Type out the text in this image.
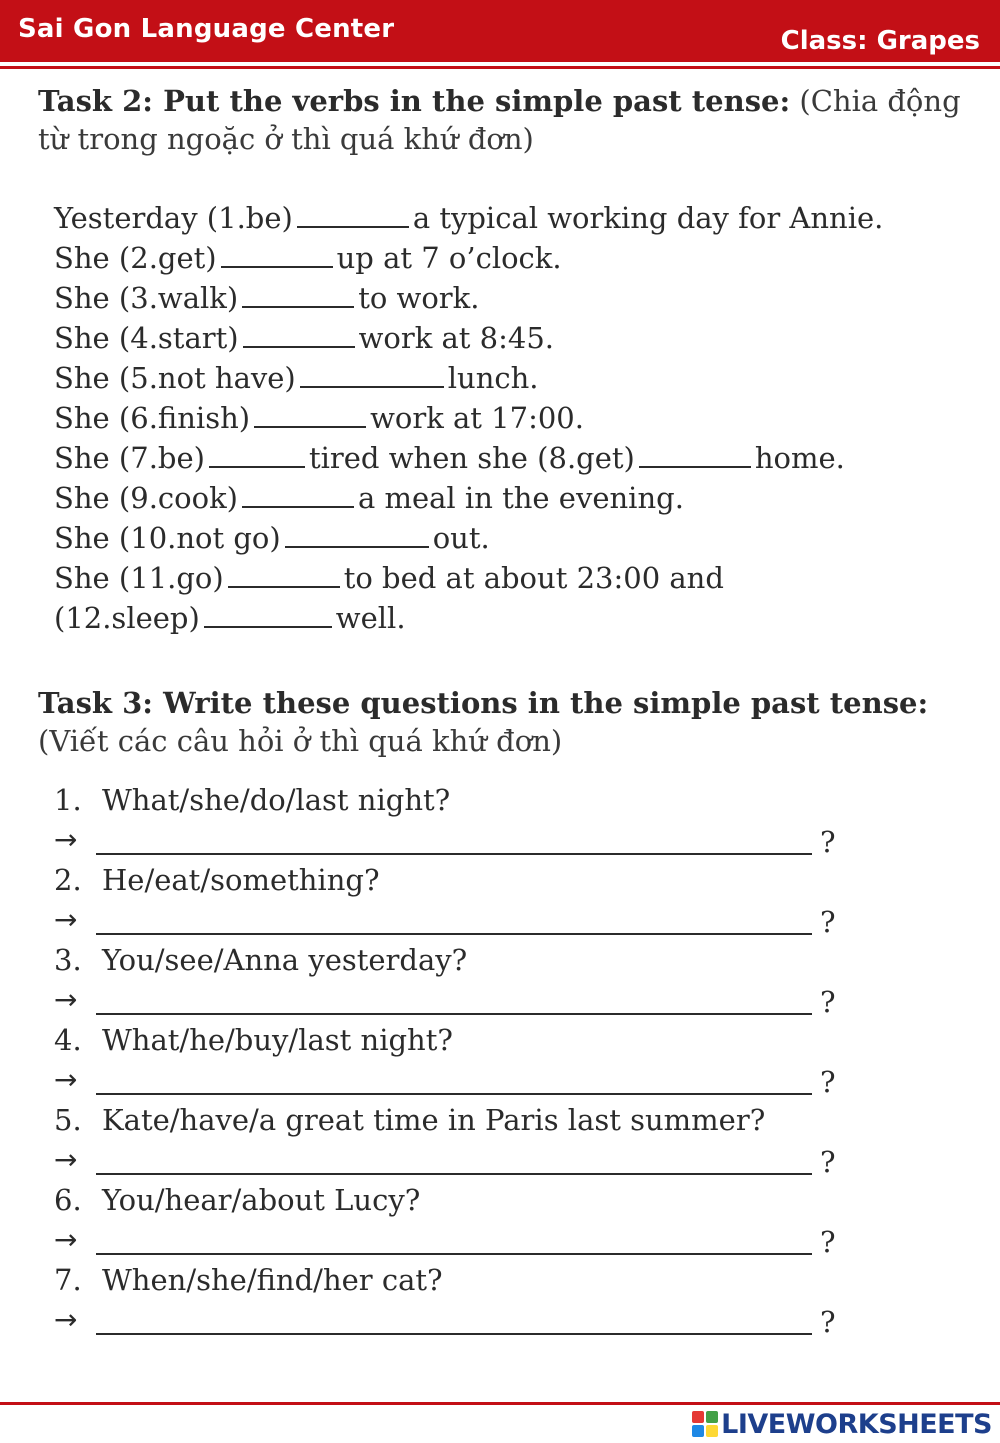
Sai Gon Language Center	Class: Grapes
Task 2: Put the verbs in the simple past tense: (Chia động từ trong ngoặc ở thì quá khứ đơn)
Yesterday (1.be)	a typical working day for Annie.
She (2.get)	up at 7 o’clock.
She (3.walk)	to work.
She (4.start)	work at 8:45.
She (5.not have)	lunch.
She (6.finish)	work at 17:00.
She (7.be)	tired when she (8.get)	home.
She (9.cook)	a meal in the evening.
She (10.not go)	out.
She (11.go)	to bed at about 23:00 and
(12.sleep)	well.
Task 3: Write these questions in the simple past tense: (Viết các câu hỏi ở thì quá khứ đơn)
1. What/she/do/last night?
→	?
2. He/eat/something?
→	?
3. You/see/Anna yesterday?
→	?
4. What/he/buy/last night?
→	?
5. Kate/have/a great time in Paris last summer?
→	?
6. You/hear/about Lucy?
→	?
7. When/she/find/her cat?
→	?
LIVEWORKSHEETS
